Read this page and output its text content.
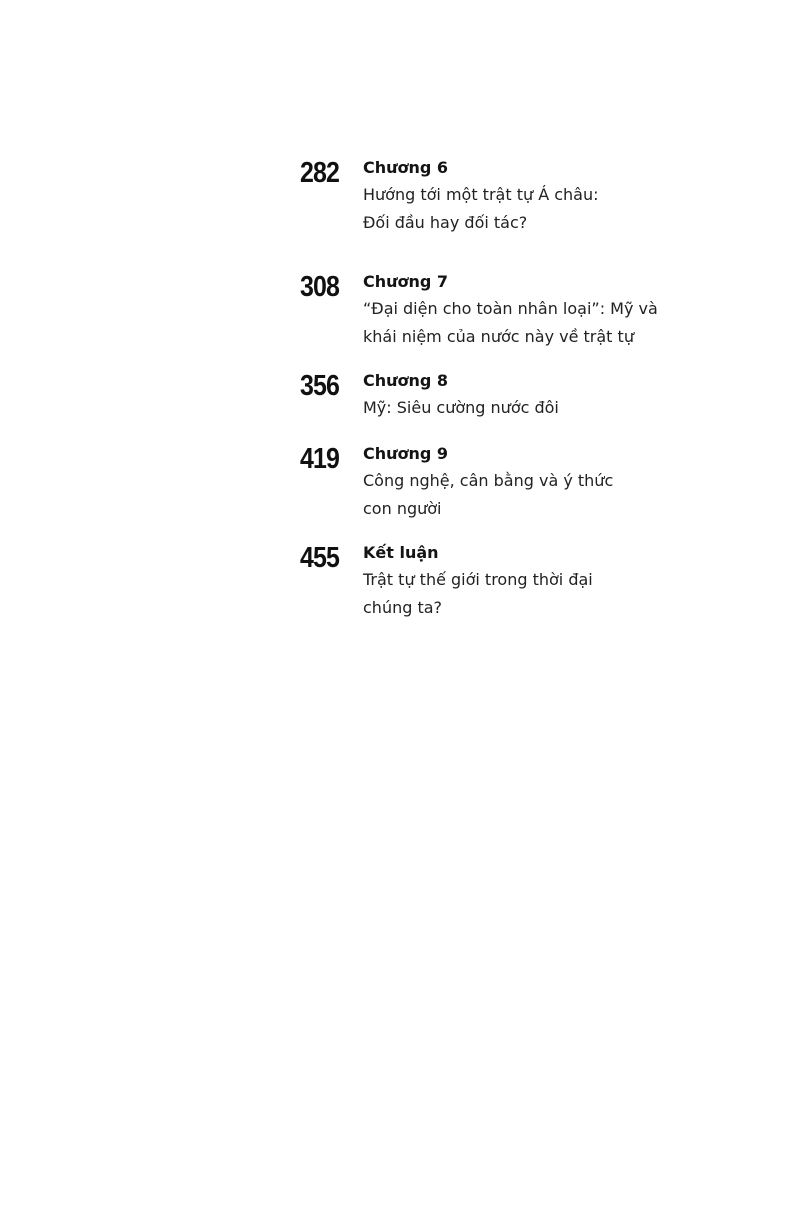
282	Chương 6

Hướng tới một trật tự Á châu:

Đối đầu hay đối tác?

308	Chương 7

“Đại diện cho toàn nhân loại”: Mỹ và

khái niệm của nước này về trật tự

356	Chương 8

Mỹ: Siêu cường nước đôi

419	Chương 9

Công nghệ, cân bằng và ý thức

con người

455	Kết luận

Trật tự thế giới trong thời đại

chúng ta?
